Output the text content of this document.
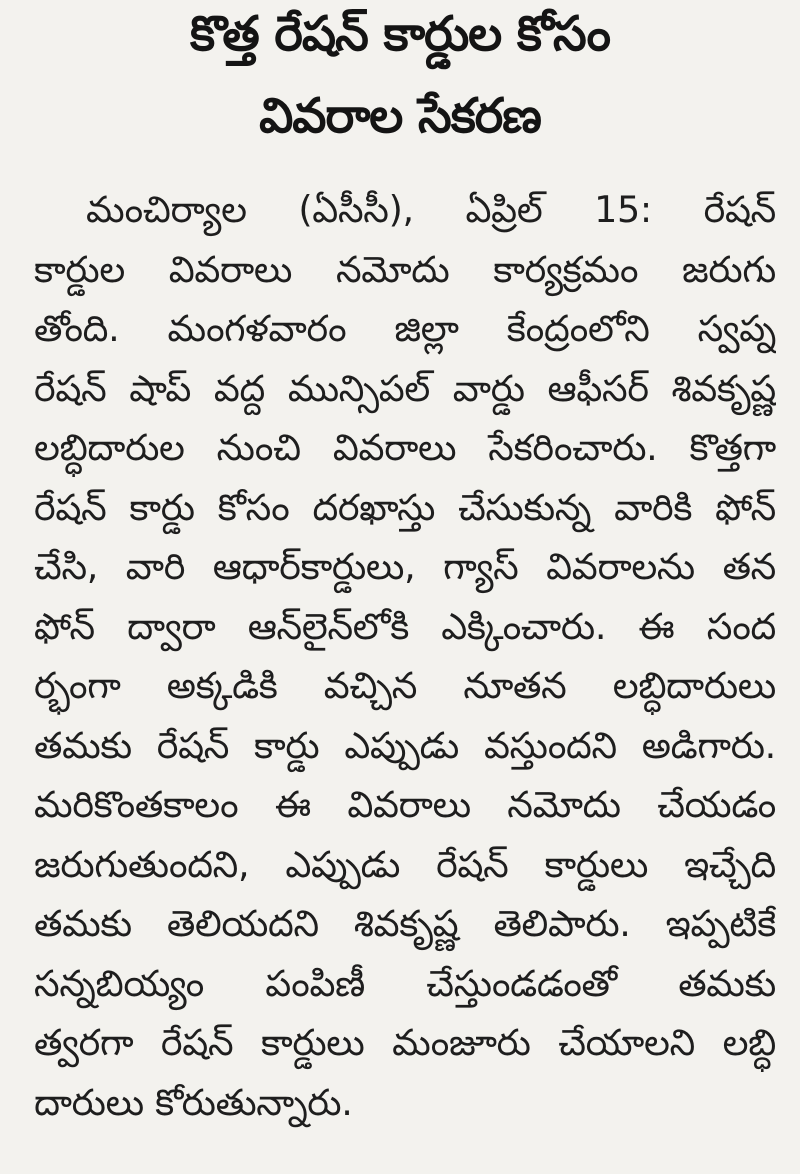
కొత్త రేషన్‌ కార్డుల కోసం
వివరాల సేకరణ
మంచిర్యాల (ఏసీసీ), ఏప్రిల్‌ 15: రేషన్‌
కార్డుల వివరాలు నమోదు కార్యక్రమం జరుగు
తోంది. మంగళవారం జిల్లా కేంద్రంలోని స్వప్న
రేషన్‌ షాప్‌ వద్ద మున్సిపల్‌ వార్డు ఆఫీసర్‌ శివకృష్ణ
లబ్ధిదారుల నుంచి వివరాలు సేకరించారు. కొత్తగా
రేషన్‌ కార్డు కోసం దరఖాస్తు చేసుకున్న వారికి ఫోన్‌
చేసి, వారి ఆధార్‌కార్డులు, గ్యాస్‌ వివరాలను తన
ఫోన్‌ ద్వారా ఆన్‌లైన్‌లోకి ఎక్కించారు. ఈ సంద
ర్భంగా అక్కడికి వచ్చిన నూతన లబ్ధిదారులు
తమకు రేషన్‌ కార్డు ఎప్పుడు వస్తుందని అడిగారు.
మరికొంతకాలం ఈ వివరాలు నమోదు చేయడం
జరుగుతుందని, ఎప్పుడు రేషన్‌ కార్డులు ఇచ్చేది
తమకు తెలియదని శివకృష్ణ తెలిపారు. ఇప్పటికే
సన్నబియ్యం పంపిణీ చేస్తుండడంతో తమకు
త్వరగా రేషన్‌ కార్డులు మంజూరు చేయాలని లబ్ధి
దారులు కోరుతున్నారు.
